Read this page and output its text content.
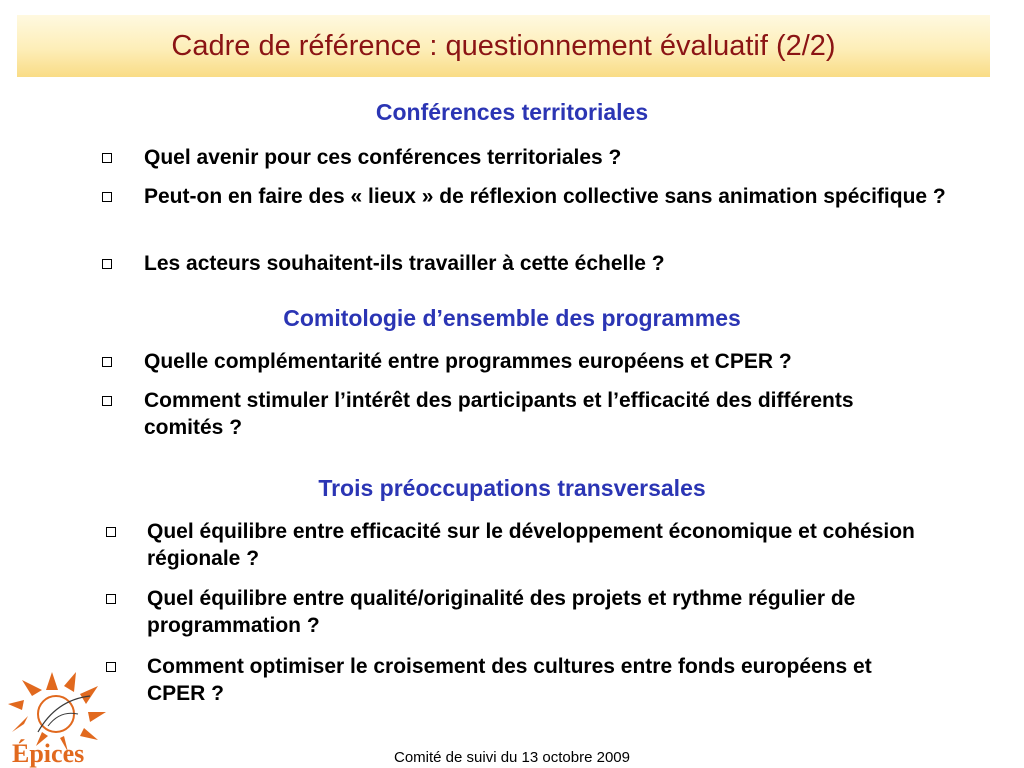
Cadre de référence : questionnement évaluatif (2/2)
Conférences territoriales
Quel avenir pour ces conférences territoriales ?
Peut-on en faire des « lieux » de réflexion collective sans animation spécifique ?
Les acteurs souhaitent-ils travailler à cette échelle ?
Comitologie d’ensemble des programmes
Quelle complémentarité entre programmes européens et CPER ?
Comment stimuler l’intérêt des participants et l’efficacité des différents comités ?
Trois préoccupations transversales
Quel équilibre entre efficacité sur le développement économique et cohésion régionale ?
Quel équilibre entre qualité/originalité des projets et rythme régulier de programmation ?
Comment optimiser le croisement des cultures entre fonds européens et CPER ?
Épices	Comité de suivi du 13 octobre 2009
